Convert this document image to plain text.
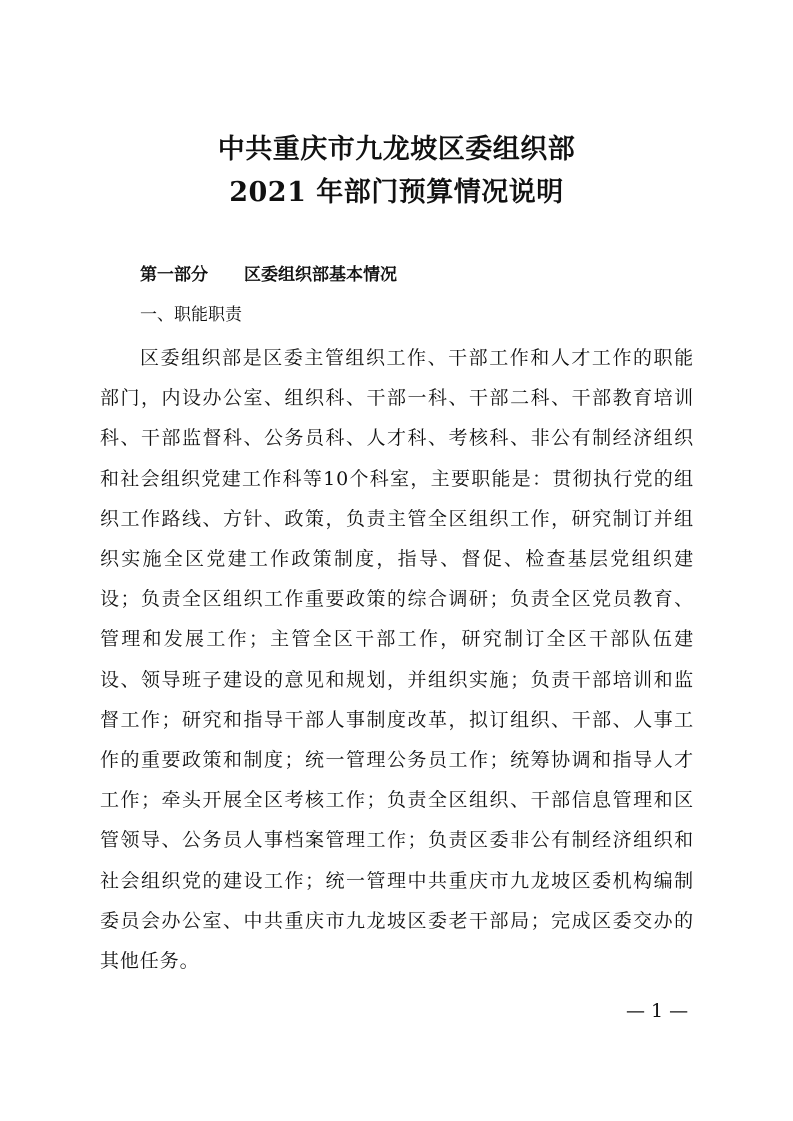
中共重庆市九龙坡区委组织部
2021 年部门预算情况说明
第一部分 区委组织部基本情况
一、职能职责

区委组织部是区委主管组织工作、干部工作和人才工作的职能部门，内设办公室、组织科、干部一科、干部二科、干部教育培训科、干部监督科、公务员科、人才科、考核科、非公有制经济组织和社会组织党建工作科等10个科室，主要职能是：贯彻执行党的组织工作路线、方针、政策，负责主管全区组织工作，研究制订并组织实施全区党建工作政策制度，指导、督促、检查基层党组织建设；负责全区组织工作重要政策的综合调研；负责全区党员教育、管理和发展工作；主管全区干部工作，研究制订全区干部队伍建设、领导班子建设的意见和规划，并组织实施；负责干部培训和监督工作；研究和指导干部人事制度改革，拟订组织、干部、人事工作的重要政策和制度；统一管理公务员工作；统筹协调和指导人才工作；牵头开展全区考核工作；负责全区组织、干部信息管理和区管领导、公务员人事档案管理工作；负责区委非公有制经济组织和社会组织党的建设工作；统一管理中共重庆市九龙坡区委机构编制委员会办公室、中共重庆市九龙坡区委老干部局；完成区委交办的其他任务。

— 1 —
